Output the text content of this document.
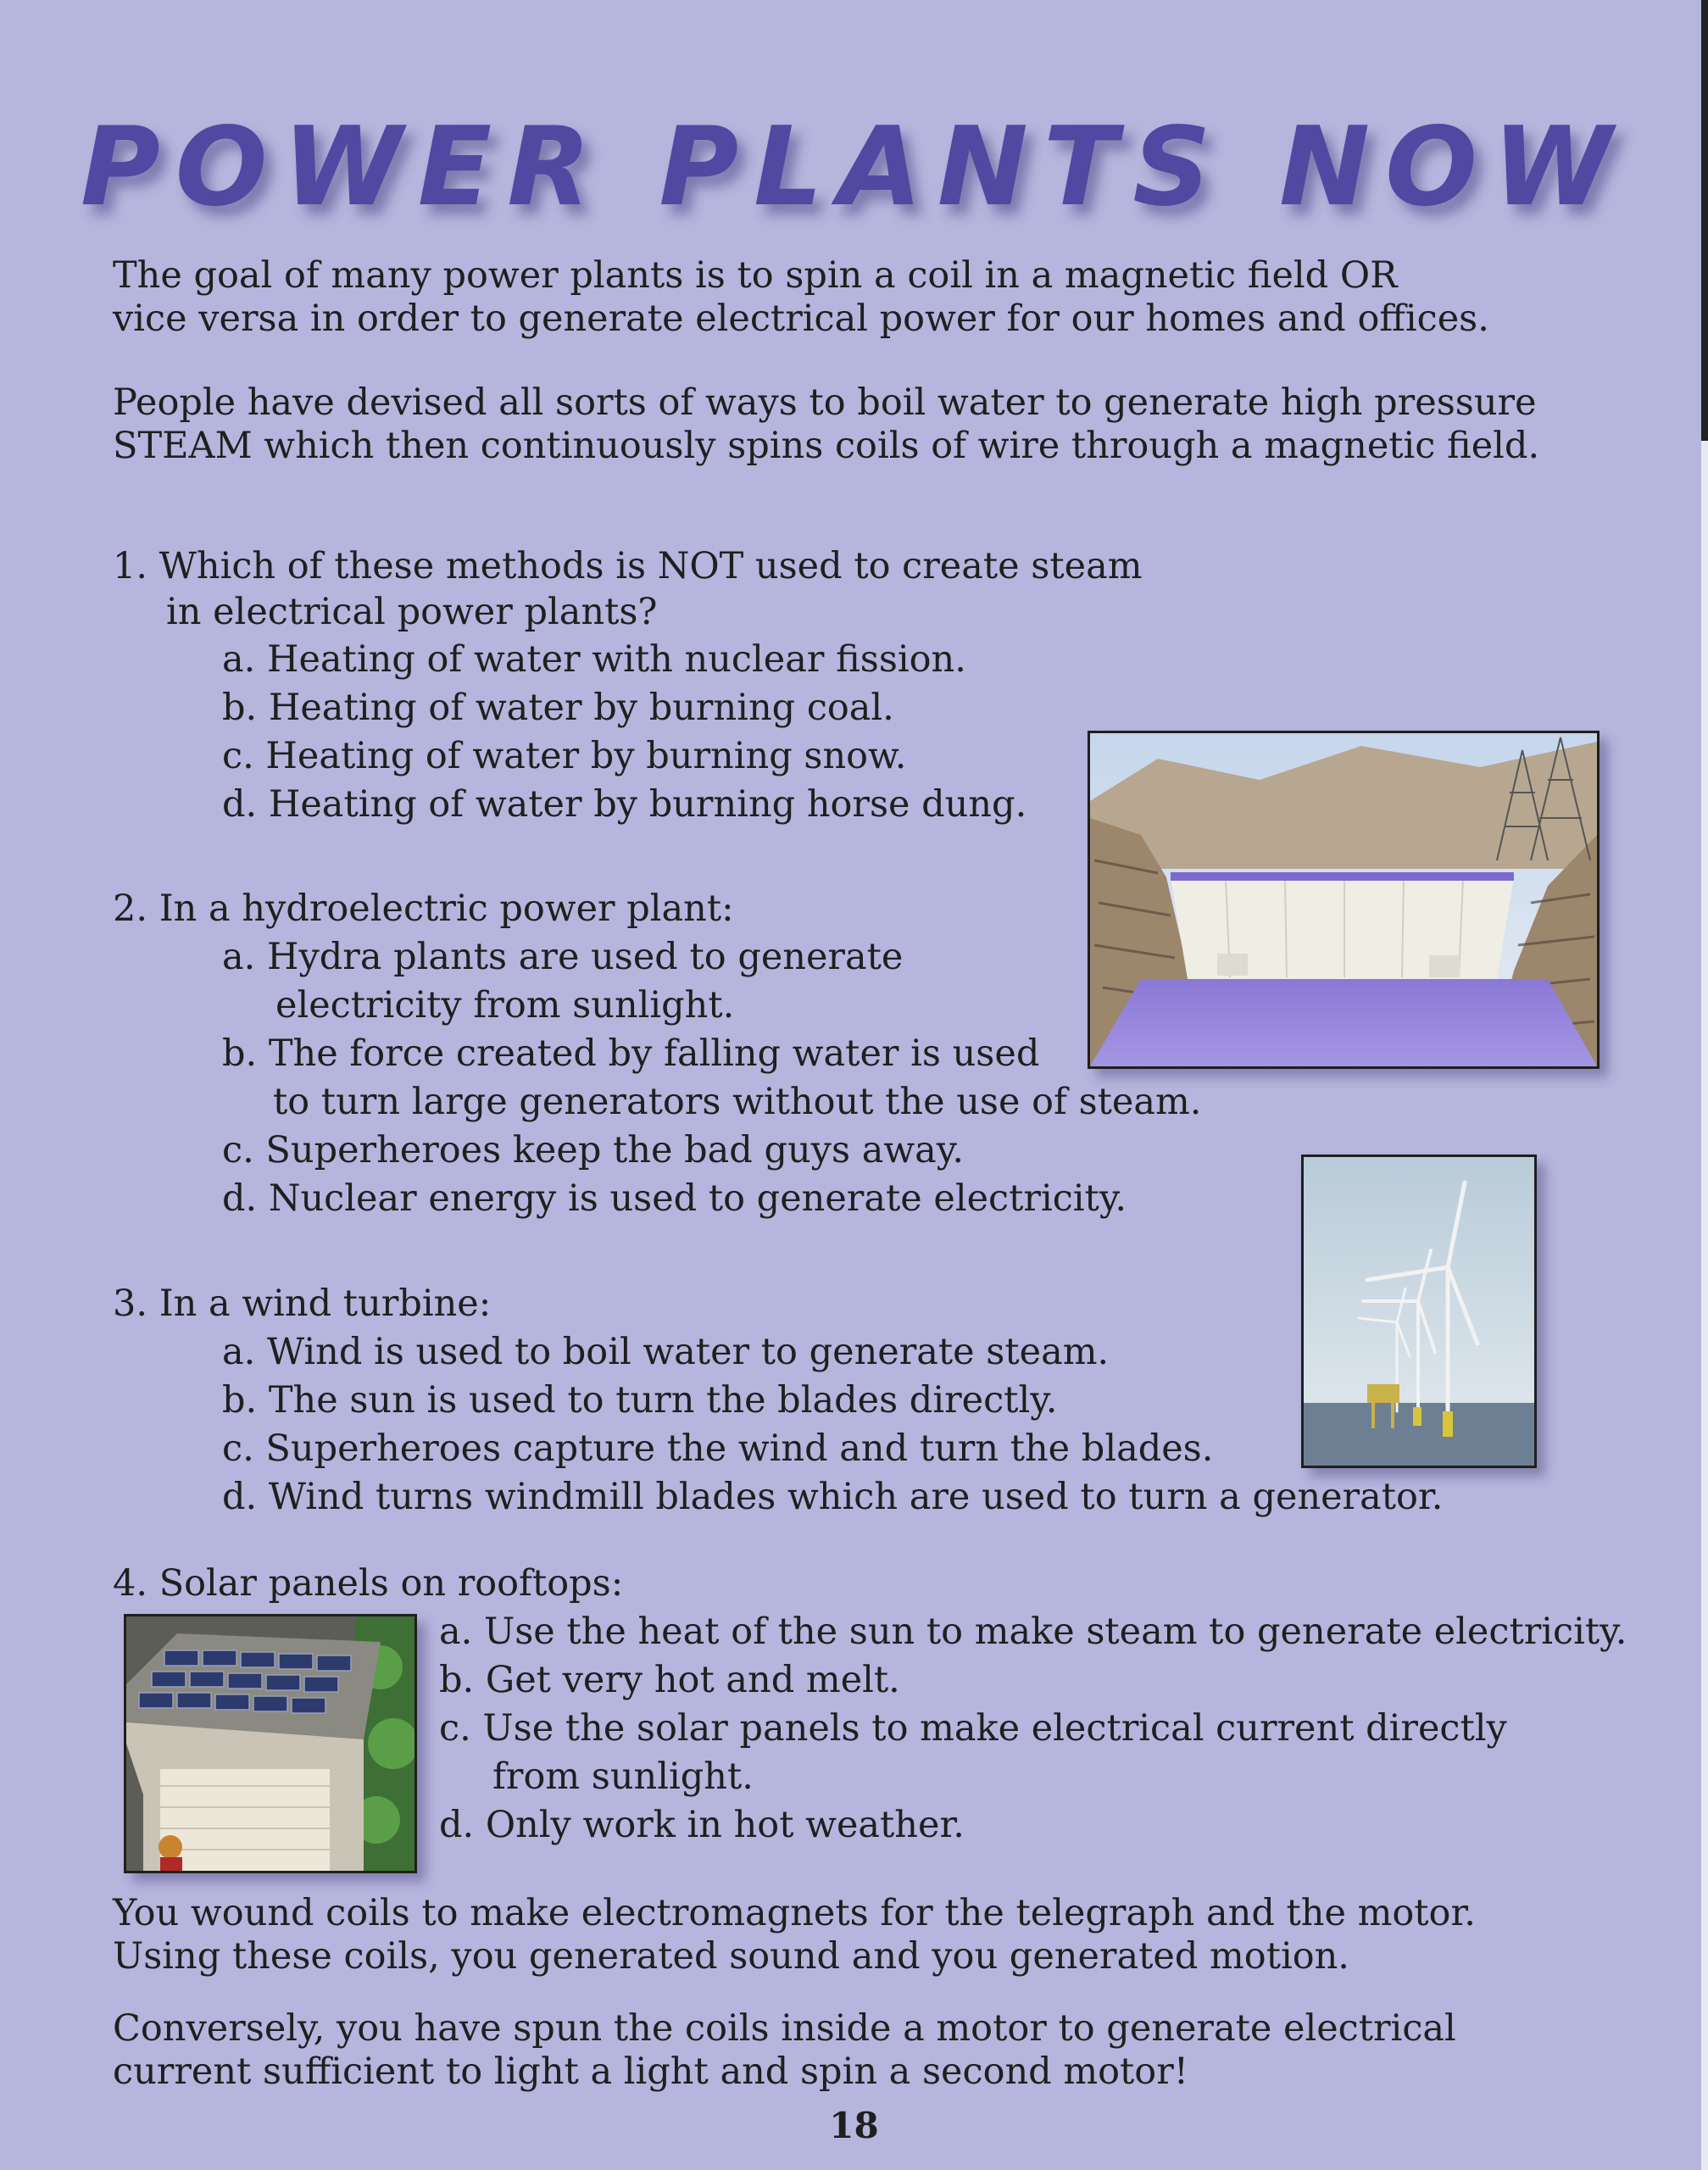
POWER PLANTS NOW

The goal of many power plants is to spin a coil in a magnetic field OR

vice versa in order to generate electrical power for our homes and offices.

People have devised all sorts of ways to boil water to generate high pressure

STEAM which then continuously spins coils of wire through a magnetic field.

1. Which of these methods is NOT used to create steam

in electrical power plants?

a. Heating of water with nuclear fission.

b. Heating of water by burning coal.

c. Heating of water by burning snow.

d. Heating of water by burning horse dung.

2. In a hydroelectric power plant:

a. Hydra plants are used to generate

electricity from sunlight.

b. The force created by falling water is used

to turn large generators without the use of steam.

c. Superheroes keep the bad guys away.

d. Nuclear energy is used to generate electricity.

3. In a wind turbine:

a. Wind is used to boil water to generate steam.

b. The sun is used to turn the blades directly.

c. Superheroes capture the wind and turn the blades.

d. Wind turns windmill blades which are used to turn a generator.

4. Solar panels on rooftops:

a. Use the heat of the sun to make steam to generate electricity.

b. Get very hot and melt.

c. Use the solar panels to make electrical current directly

from sunlight.

d. Only work in hot weather.

You wound coils to make electromagnets for the telegraph and the motor.

Using these coils, you generated sound and you generated motion.

Conversely, you have spun the coils inside a motor to generate electrical

current sufficient to light a light and spin a second motor!

18
